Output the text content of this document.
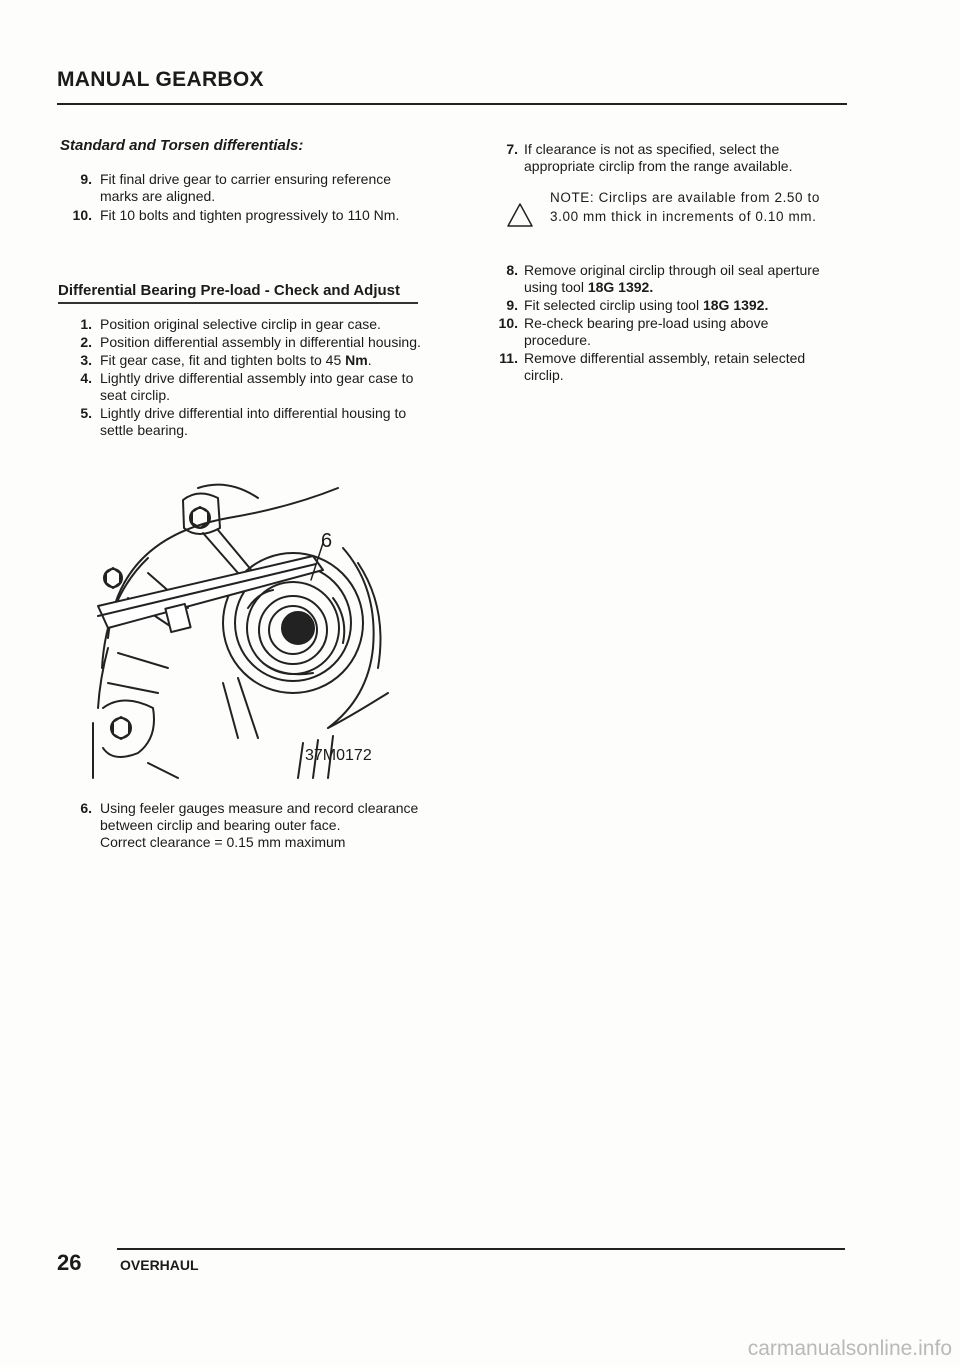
MANUAL GEARBOX
Standard and Torsen differentials:
9. Fit final drive gear to carrier ensuring reference marks are aligned.
10. Fit 10 bolts and tighten progressively to 110 Nm.
Differential Bearing Pre-load - Check and Adjust
1. Position original selective circlip in gear case.
2. Position differential assembly in differential housing.
3. Fit gear case, fit and tighten bolts to 45 Nm.
4. Lightly drive differential assembly into gear case to seat circlip.
5. Lightly drive differential into differential housing to settle bearing.
6
37M0172
6. Using feeler gauges measure and record clearance between circlip and bearing outer face.
Correct clearance = 0.15 mm maximum
7. If clearance is not as specified, select the appropriate circlip from the range available.
NOTE: Circlips are available from 2.50 to
3.00 mm thick in increments of 0.10 mm.
8. Remove original circlip through oil seal aperture using tool 18G 1392.
9. Fit selected circlip using tool 18G 1392.
10. Re-check bearing pre-load using above procedure.
11. Remove differential assembly, retain selected circlip.
26	OVERHAUL
carmanualsonline.info
